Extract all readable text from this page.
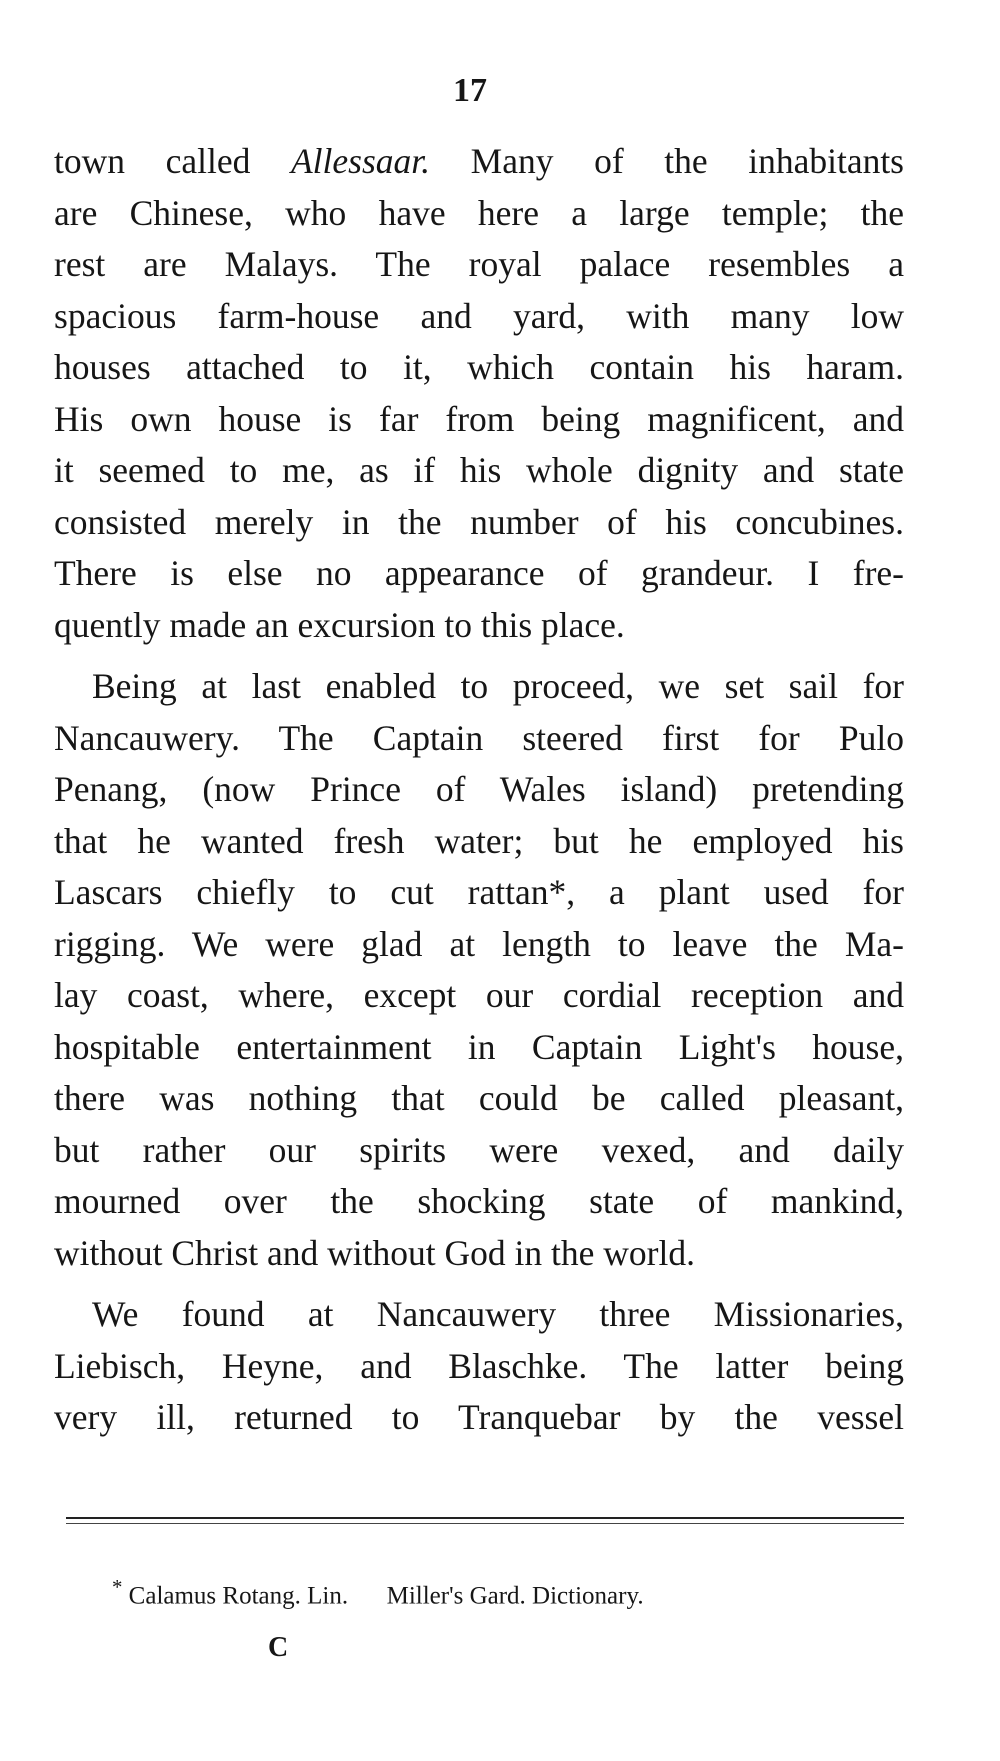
17
town called Allessaar. Many of the inhabitants
are Chinese, who have here a large temple; the
rest are Malays. The royal palace resembles a
spacious farm-house and yard, with many low
houses attached to it, which contain his haram.
His own house is far from being magnificent, and
it seemed to me, as if his whole dignity and state
consisted merely in the number of his concubines.
There is else no appearance of grandeur. I fre-
quently made an excursion to this place.
Being at last enabled to proceed, we set sail for
Nancauwery. The Captain steered first for Pulo
Penang, (now Prince of Wales island) pretending
that he wanted fresh water; but he employed his
Lascars chiefly to cut rattan*, a plant used for
rigging. We were glad at length to leave the Ma-
lay coast, where, except our cordial reception and
hospitable entertainment in Captain Light's house,
there was nothing that could be called pleasant,
but rather our spirits were vexed, and daily
mourned over the shocking state of mankind,
without Christ and without God in the world.
We found at Nancauwery three Missionaries,
Liebisch, Heyne, and Blaschke. The latter being
very ill, returned to Tranquebar by the vessel
* Calamus Rotang. Lin. Miller's Gard. Dictionary.
C
